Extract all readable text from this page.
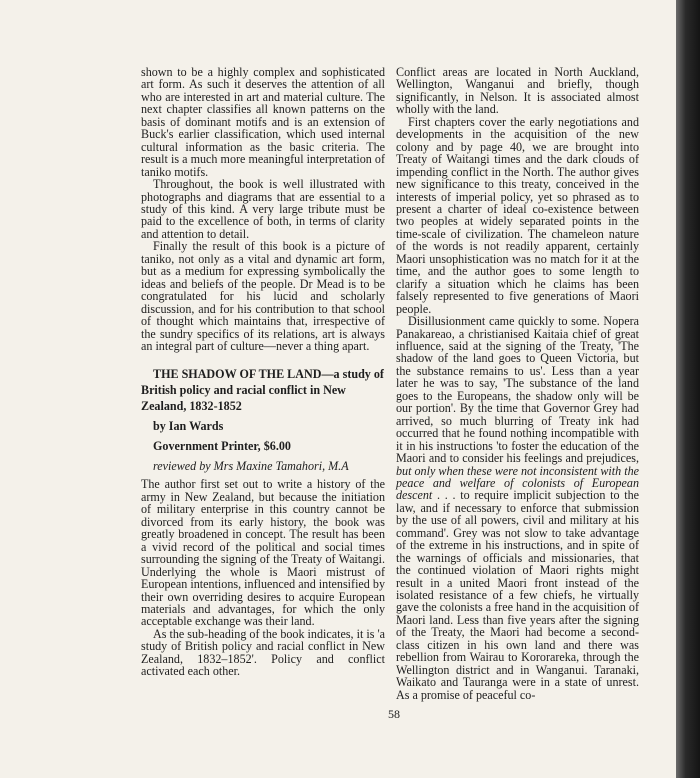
shown to be a highly complex and sophisticated art form. As such it deserves the attention of all who are interested in art and material culture. The next chapter classifies all known patterns on the basis of dominant motifs and is an extension of Buck's earlier classification, which used internal cultural information as the basic criteria. The result is a much more meaningful interpretation of taniko motifs.

Throughout, the book is well illustrated with photographs and diagrams that are essential to a study of this kind. A very large tribute must be paid to the excellence of both, in terms of clarity and attention to detail.

Finally the result of this book is a picture of taniko, not only as a vital and dynamic art form, but as a medium for expressing symbolically the ideas and beliefs of the people. Dr Mead is to be congratulated for his lucid and scholarly discussion, and for his contribution to that school of thought which maintains that, irrespective of the sundry specifics of its relations, art is always an integral part of culture—never a thing apart.

THE SHADOW OF THE LAND—a study of British policy and racial conflict in New Zealand, 1832-1852

by Ian Wards

Government Printer, $6.00

reviewed by Mrs Maxine Tamahori, M.A

The author first set out to write a history of the army in New Zealand, but because the initiation of military enterprise in this country cannot be divorced from its early history, the book was greatly broadened in concept. The result has been a vivid record of the political and social times surrounding the signing of the Treaty of Waitangi. Underlying the whole is Maori mistrust of European intentions, influenced and intensified by their own overriding desires to acquire European materials and advantages, for which the only acceptable exchange was their land.

As the sub-heading of the book indicates, it is 'a study of British policy and racial conflict in New Zealand, 1832–1852'. Policy and conflict activated each other.

Conflict areas are located in North Auckland, Wellington, Wanganui and briefly, though significantly, in Nelson. It is associated almost wholly with the land.

First chapters cover the early negotiations and developments in the acquisition of the new colony and by page 40, we are brought into Treaty of Waitangi times and the dark clouds of impending conflict in the North. The author gives new significance to this treaty, conceived in the interests of imperial policy, yet so phrased as to present a charter of ideal co-existence between two peoples at widely separated points in the time-scale of civilization. The chameleon nature of the words is not readily apparent, certainly Maori unsophistication was no match for it at the time, and the author goes to some length to clarify a situation which he claims has been falsely represented to five generations of Maori people.

Disillusionment came quickly to some. Nopera Panakareao, a christianised Kaitaia chief of great influence, said at the signing of the Treaty, 'The shadow of the land goes to Queen Victoria, but the substance remains to us'. Less than a year later he was to say, 'The substance of the land goes to the Europeans, the shadow only will be our portion'. By the time that Governor Grey had arrived, so much blurring of Treaty ink had occurred that he found nothing incompatible with it in his instructions 'to foster the education of the Maori and to consider his feelings and prejudices, but only when these were not inconsistent with the peace and welfare of colonists of European descent . . . to require implicit subjection to the law, and if necessary to enforce that submission by the use of all powers, civil and military at his command'. Grey was not slow to take advantage of the extreme in his instructions, and in spite of the warnings of officials and missionaries, that the continued violation of Maori rights might result in a united Maori front instead of the isolated resistance of a few chiefs, he virtually gave the colonists a free hand in the acquisition of Maori land. Less than five years after the signing of the Treaty, the Maori had become a second-class citizen in his own land and there was rebellion from Wairau to Kororareka, through the Wellington district and in Wanganui. Taranaki, Waikato and Tauranga were in a state of unrest. As a promise of peaceful co-

58
